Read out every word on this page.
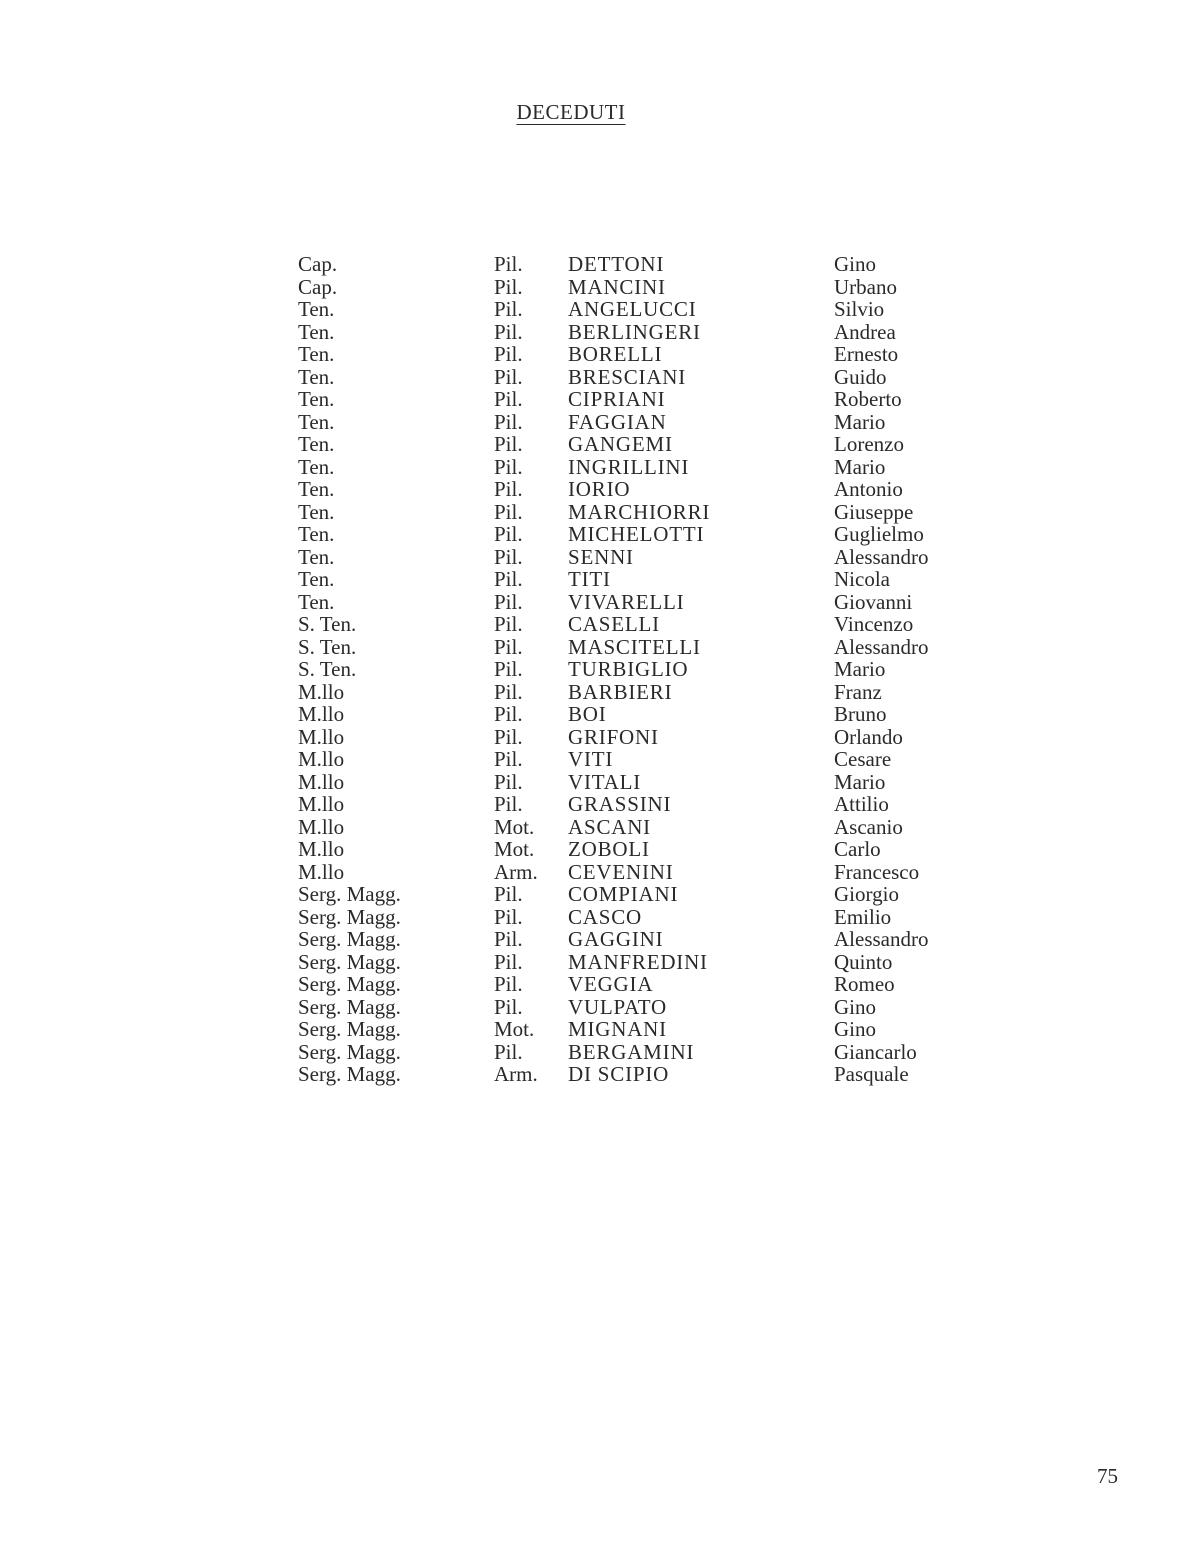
DECEDUTI
Cap.	Pil. DETTONI	Gino
Cap.	Pil. MANCINI	Urbano
Ten.	Pil. ANGELUCCI	Silvio
Ten.	Pil. BERLINGERI	Andrea
Ten.	Pil. BORELLI	Ernesto
Ten.	Pil. BRESCIANI	Guido
Ten.	Pil. CIPRIANI	Roberto
Ten.	Pil. FAGGIAN	Mario
Ten.	Pil. GANGEMI	Lorenzo
Ten.	Pil. INGRILLINI	Mario
Ten.	Pil. IORIO	Antonio
Ten.	Pil. MARCHIORRI	Giuseppe
Ten.	Pil. MICHELOTTI	Guglielmo
Ten.	Pil. SENNI	Alessandro
Ten.	Pil. TITI	Nicola
Ten.	Pil. VIVARELLI	Giovanni
S. Ten.	Pil. CASELLI	Vincenzo
S. Ten.	Pil. MASCITELLI	Alessandro
S. Ten.	Pil. TURBIGLIO	Mario
M.llo	Pil. BARBIERI	Franz
M.llo	Pil. BOI	Bruno
M.llo	Pil. GRIFONI	Orlando
M.llo	Pil. VITI	Cesare
M.llo	Pil. VITALI	Mario
M.llo	Pil. GRASSINI	Attilio
M.llo	Mot. ASCANI	Ascanio
M.llo	Mot. ZOBOLI	Carlo
M.llo	Arm. CEVENINI	Francesco
Serg. Magg.	Pil. COMPIANI	Giorgio
Serg. Magg.	Pil. CASCO	Emilio
Serg. Magg.	Pil. GAGGINI	Alessandro
Serg. Magg.	Pil. MANFREDINI	Quinto
Serg. Magg.	Pil. VEGGIA	Romeo
Serg. Magg.	Pil. VULPATO	Gino
Serg. Magg.	Mot. MIGNANI	Gino
Serg. Magg.	Pil. BERGAMINI	Giancarlo
Serg. Magg.	Arm. DI SCIPIO	Pasquale
75
